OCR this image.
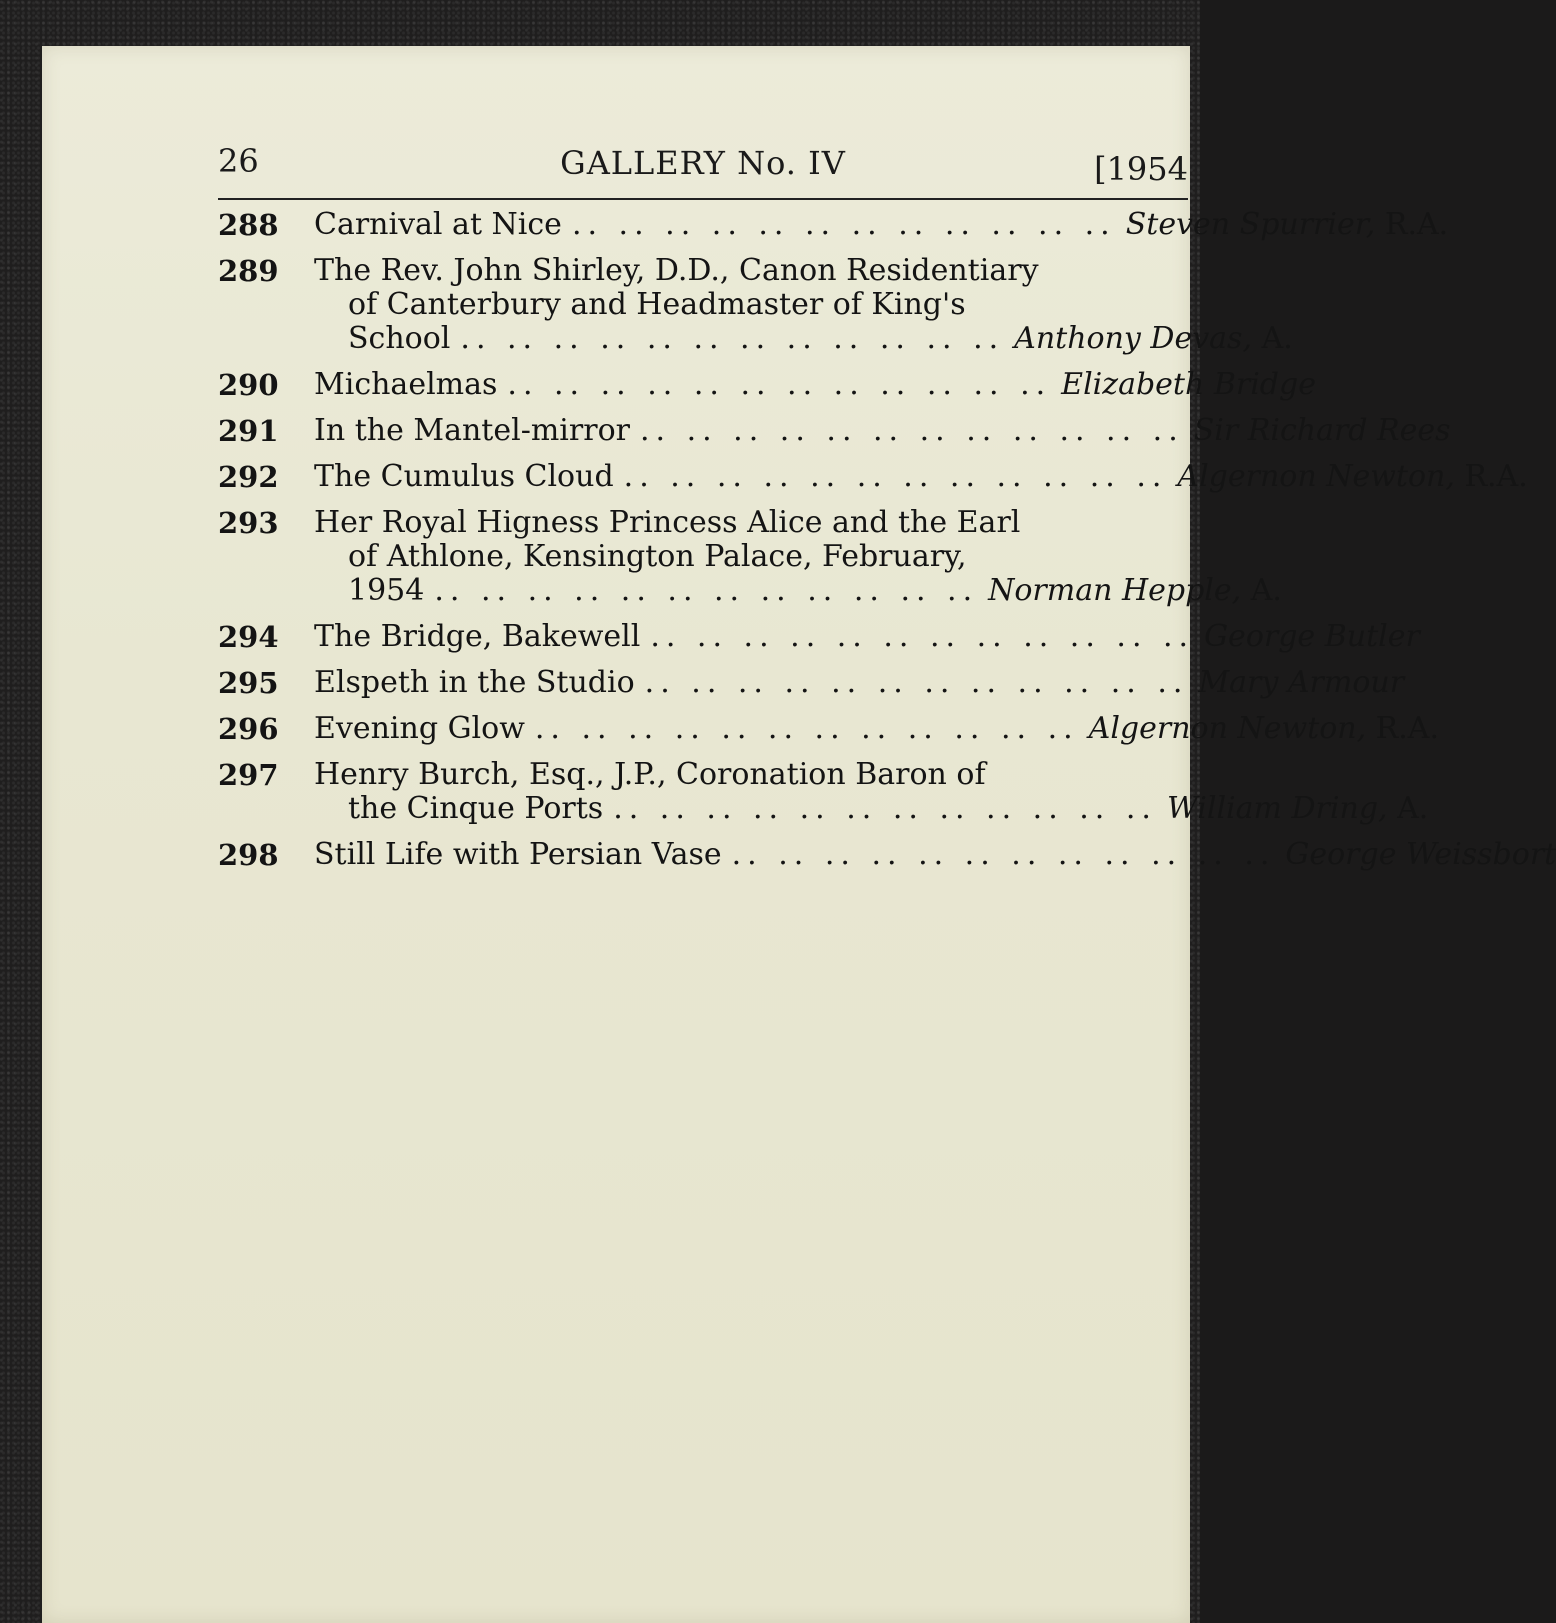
26	GALLERY No. IV	[1954
288 Carnival at Nice .. .. .. .. .. .. .. .. .. .. .. .. Steven Spurrier, R.A.
289	The Rev. John Shirley, D.D., Canon Residentiary
of Canterbury and Headmaster of King's
School .. .. .. .. .. .. .. .. .. .. .. .. Anthony Devas, A.
290 Michaelmas .. .. .. .. .. .. .. .. .. .. .. .. Elizabeth Bridge
291 In the Mantel-mirror .. .. .. .. .. .. .. .. .. .. .. .. Sir Richard Rees
292 The Cumulus Cloud .. .. .. .. .. .. .. .. .. .. .. .. Algernon Newton, R.A.
293	Her Royal Higness Princess Alice and the Earl
of Athlone, Kensington Palace, February,
1954 .. .. .. .. .. .. .. .. .. .. .. .. Norman Hepple, A.
294 The Bridge, Bakewell .. .. .. .. .. .. .. .. .. .. .. .. George Butler
295 Elspeth in the Studio .. .. .. .. .. .. .. .. .. .. .. .. Mary Armour
296 Evening Glow .. .. .. .. .. .. .. .. .. .. .. .. Algernon Newton, R.A.
297	Henry Burch, Esq., J.P., Coronation Baron of
the Cinque Ports .. .. .. .. .. .. .. .. .. .. .. .. William Dring, A.
298 Still Life with Persian Vase .. .. .. .. .. .. .. .. .. .. .. .. George Weissbort
